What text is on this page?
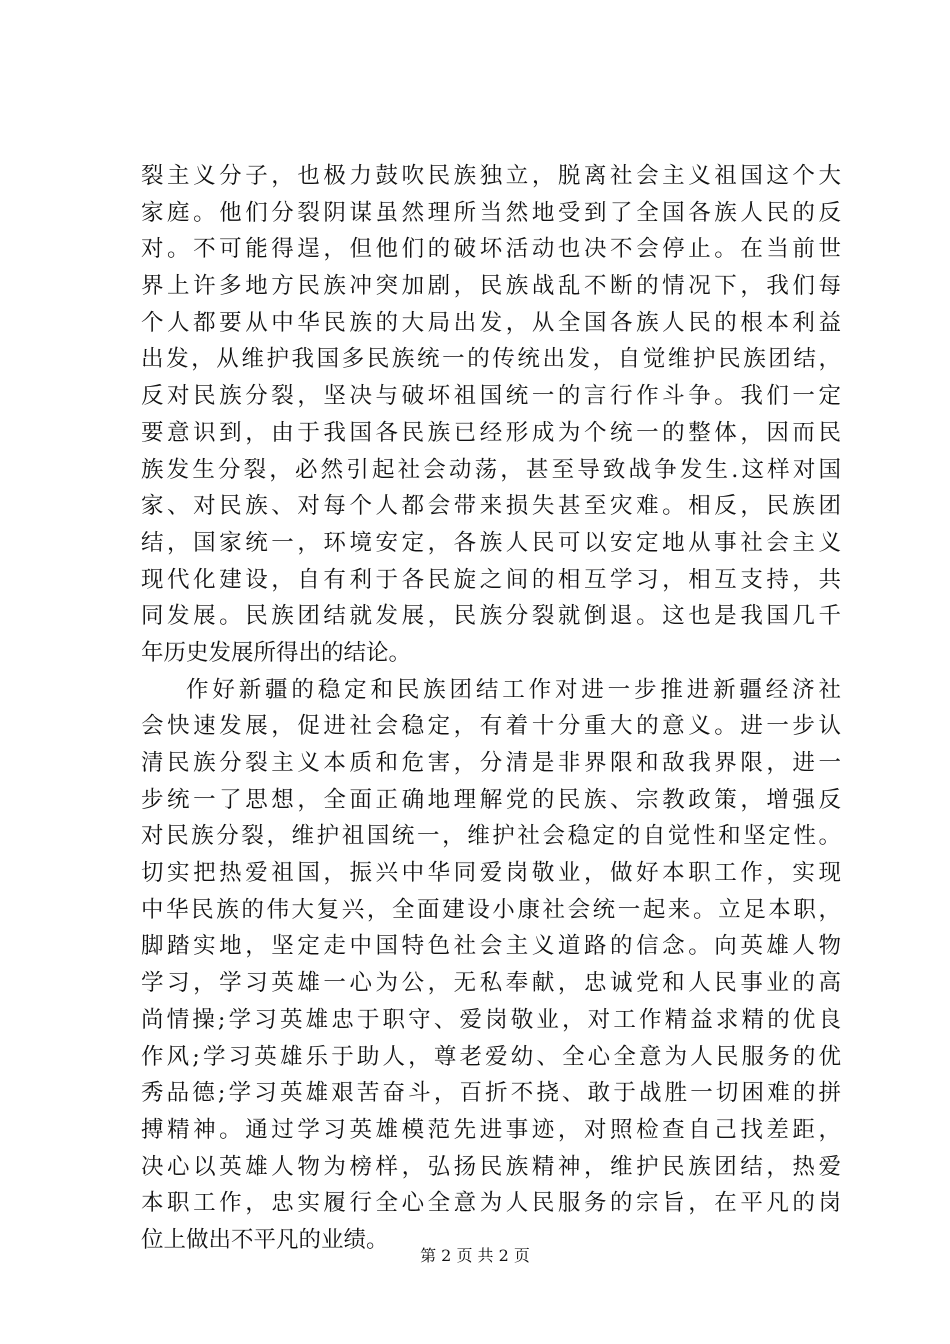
裂主义分子，也极力鼓吹民族独立，脱离社会主义祖国这个大
家庭。他们分裂阴谋虽然理所当然地受到了全国各族人民的反
对。不可能得逞，但他们的破坏活动也决不会停止。在当前世
界上许多地方民族冲突加剧，民族战乱不断的情况下，我们每
个人都要从中华民族的大局出发，从全国各族人民的根本利益
出发，从维护我国多民族统一的传统出发，自觉维护民族团结，
反对民族分裂，坚决与破坏祖国统一的言行作斗争。我们一定
要意识到，由于我国各民族已经形成为个统一的整体，因而民
族发生分裂，必然引起社会动荡，甚至导致战争发生.这样对国
家、对民族、对每个人都会带来损失甚至灾难。相反，民族团
结，国家统一，环境安定，各族人民可以安定地从事社会主义
现代化建设，自有利于各民旋之间的相互学习，相互支持，共
同发展。民族团结就发展，民族分裂就倒退。这也是我国几千
年历史发展所得出的结论。
作好新疆的稳定和民族团结工作对进一步推进新疆经济社
会快速发展，促进社会稳定，有着十分重大的意义。进一步认
清民族分裂主义本质和危害，分清是非界限和敌我界限，进一
步统一了思想，全面正确地理解党的民族、宗教政策，增强反
对民族分裂，维护祖国统一，维护社会稳定的自觉性和坚定性。
切实把热爱祖国，振兴中华同爱岗敬业，做好本职工作，实现
中华民族的伟大复兴，全面建设小康社会统一起来。立足本职，
脚踏实地，坚定走中国特色社会主义道路的信念。向英雄人物
学习，学习英雄一心为公，无私奉献，忠诚党和人民事业的高
尚情操;学习英雄忠于职守、爱岗敬业，对工作精益求精的优良
作风;学习英雄乐于助人，尊老爱幼、全心全意为人民服务的优
秀品德;学习英雄艰苦奋斗，百折不挠、敢于战胜一切困难的拼
搏精神。通过学习英雄模范先进事迹，对照检查自己找差距，
决心以英雄人物为榜样，弘扬民族精神，维护民族团结，热爱
本职工作，忠实履行全心全意为人民服务的宗旨，在平凡的岗
位上做出不平凡的业绩。
第 2 页 共 2 页
